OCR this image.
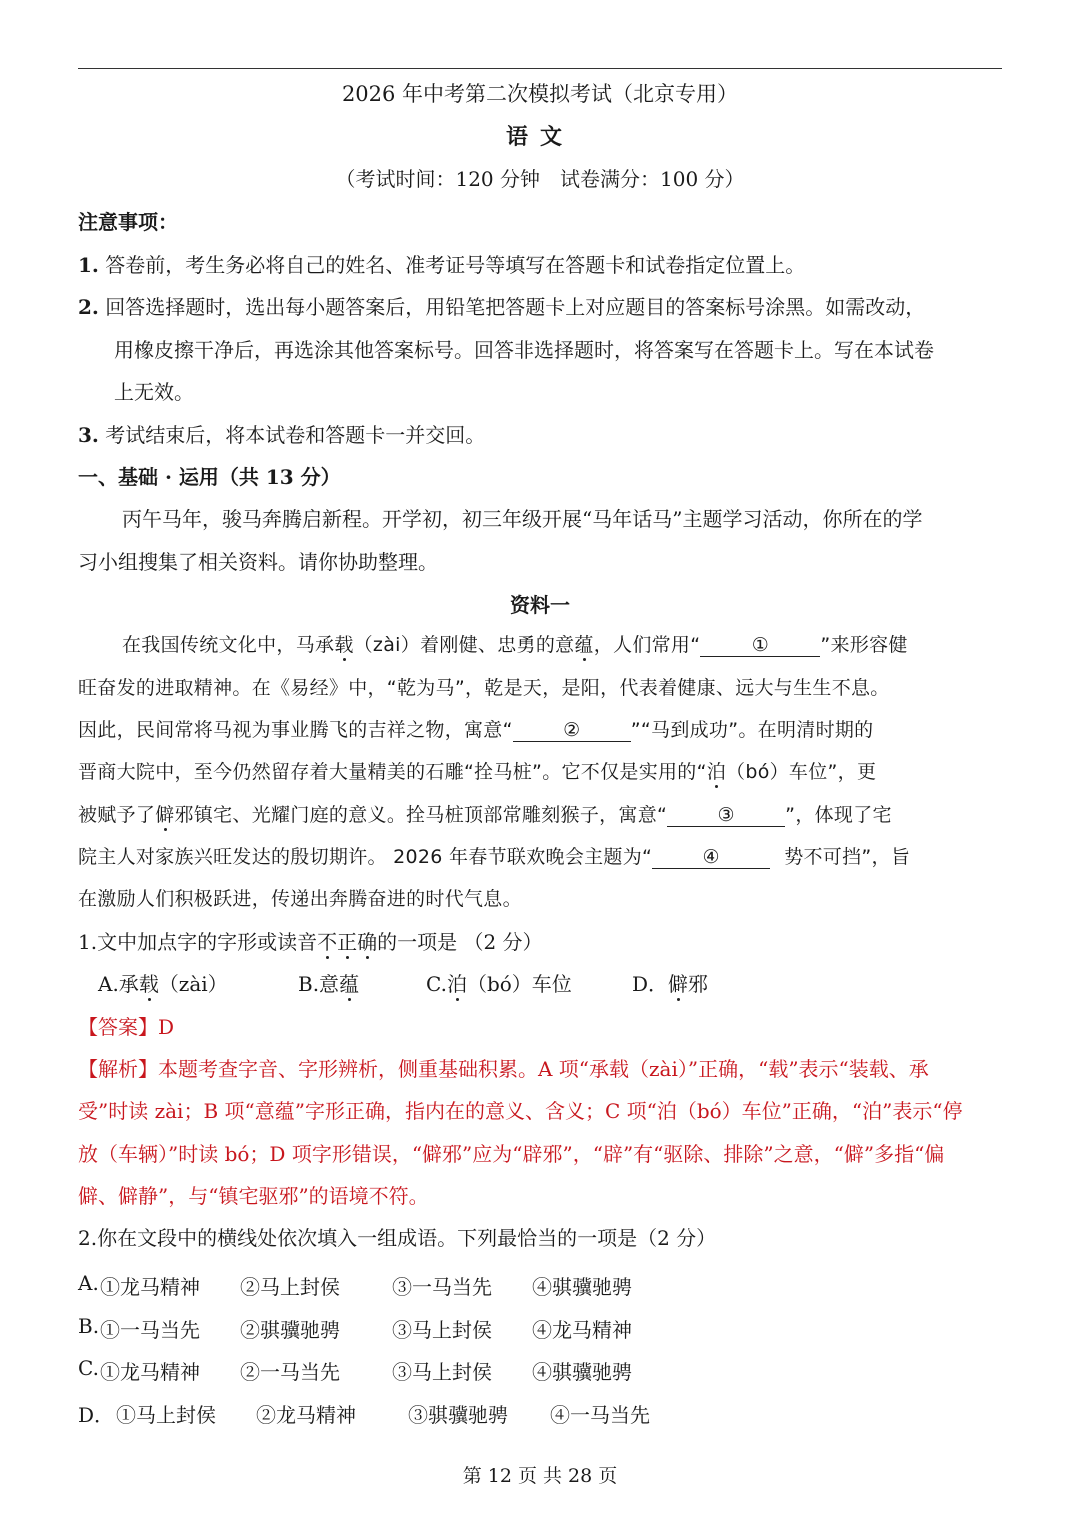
2026 年中考第二次模拟考试（北京专用）
语文
（考试时间：120 分钟　试卷满分：100 分）
注意事项：
1. 答卷前，考生务必将自己的姓名、准考证号等填写在答题卡和试卷指定位置上。
2. 回答选择题时，选出每小题答案后，用铅笔把答题卡上对应题目的答案标号涂黑。如需改动，
用橡皮擦干净后，再选涂其他答案标号。回答非选择题时，将答案写在答题卡上。写在本试卷
上无效。
3. 考试结束后，将本试卷和答题卡一并交回。
一、基础 · 运用（共 13 分）
丙午马年，骏马奔腾启新程。开学初，初三年级开展“马年话马”主题学习活动，你所在的学
习小组搜集了相关资料。请你协助整理。
资料一
在我国传统文化中，马承载（zài）着刚健、忠勇的意蕴，人们常用“	①	”来形容健
旺奋发的进取精神。在《易经》中，“乾为马”，乾是天，是阳，代表着健康、远大与生生不息。
因此，民间常将马视为事业腾飞的吉祥之物，寓意“	②	”“马到成功”。在明清时期的
晋商大院中，至今仍然留存着大量精美的石雕“拴马桩”。它不仅是实用的“泊（bó）车位”，更
被赋予了僻邪镇宅、光耀门庭的意义。拴马桩顶部常雕刻猴子，寓意“	③	”，体现了宅
院主人对家族兴旺发达的殷切期许。 2026 年春节联欢晚会主题为“	④	势不可挡”，旨
在激励人们积极跃进，传递出奔腾奋进的时代气息。
1.文中加点字的字形或读音不正确的一项是 （2 分）
A.承载（zài）	B.意蕴	C.泊（bó）车位	D．僻邪
【答案】D
【解析】本题考查字音、字形辨析，侧重基础积累。A 项“承载（zài）”正确，“载”表示“装载、承
受”时读 zài；B 项“意蕴”字形正确，指内在的意义、含义；C 项“泊（bó）车位”正确，“泊”表示“停
放（车辆）”时读 bó；D 项字形错误，“僻邪”应为“辟邪”，“辟”有“驱除、排除”之意，“僻”多指“偏
僻、僻静”，与“镇宅驱邪”的语境不符。
2.你在文段中的横线处依次填入一组成语。下列最恰当的一项是（2 分）
A. ①龙马精神 ②马上封侯	③一马当先 ④骐骥驰骋
B. ①一马当先 ②骐骥驰骋	③马上封侯 ④龙马精神
C. ①龙马精神 ②一马当先	③马上封侯 ④骐骥驰骋
D． ①马上封侯 ②龙马精神	③骐骥驰骋 ④一马当先
第 12 页 共 28 页
